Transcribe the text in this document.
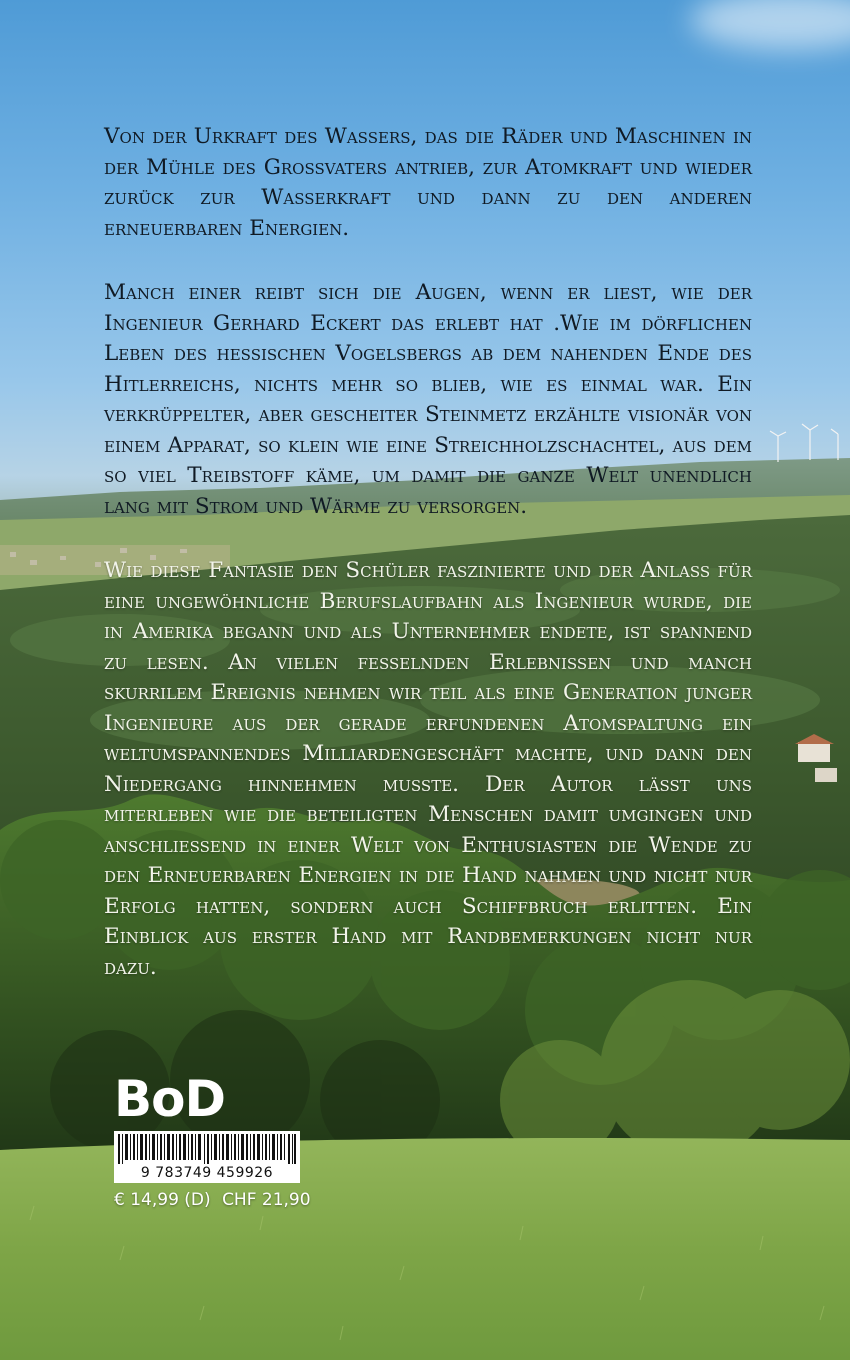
Von der Urkraft des Wassers, das die Räder und Maschinen in der Mühle des Großvaters antrieb, zur Atomkraft und wieder zurück zur Wasserkraft und dann zu den anderen erneuerbaren Energien.

Manch einer reibt sich die Augen, wenn er liest, wie der Ingenieur Gerhard Eckert das erlebt hat .Wie im dörflichen Leben des hessischen Vogelsbergs ab dem nahenden Ende des Hitlerreichs, nichts mehr so blieb, wie es einmal war. Ein verkrüppelter, aber gescheiter Steinmetz erzählte visionär von einem Apparat, so klein wie eine Streichholzschachtel, aus dem so viel Treibstoff käme, um damit die ganze Welt unendlich lang mit Strom und Wärme zu versorgen.

Wie diese Fantasie den Schüler faszinierte und der Anlass für eine ungewöhnliche Berufslaufbahn als Ingenieur wurde, die in Amerika begann und als Unternehmer endete, ist spannend zu lesen. An vielen fesselnden Erlebnissen und manch skurrilem Ereignis nehmen wir teil als eine Generation junger Ingenieure aus der gerade erfundenen Atomspaltung ein weltumspannendes Milliardengeschäft machte, und dann den Niedergang hinnehmen musste. Der Autor lässt uns miterleben wie die beteiligten Menschen damit umgingen und anschließend in einer Welt von Enthusiasten die Wende zu den Erneuerbaren Energien in die Hand nahmen und nicht nur Erfolg hatten, sondern auch Schiffbruch erlitten. Ein Einblick aus erster Hand mit Randbemerkungen nicht nur dazu.

BoD
9 783749 459926
€ 14,99 (D) CHF 21,90
